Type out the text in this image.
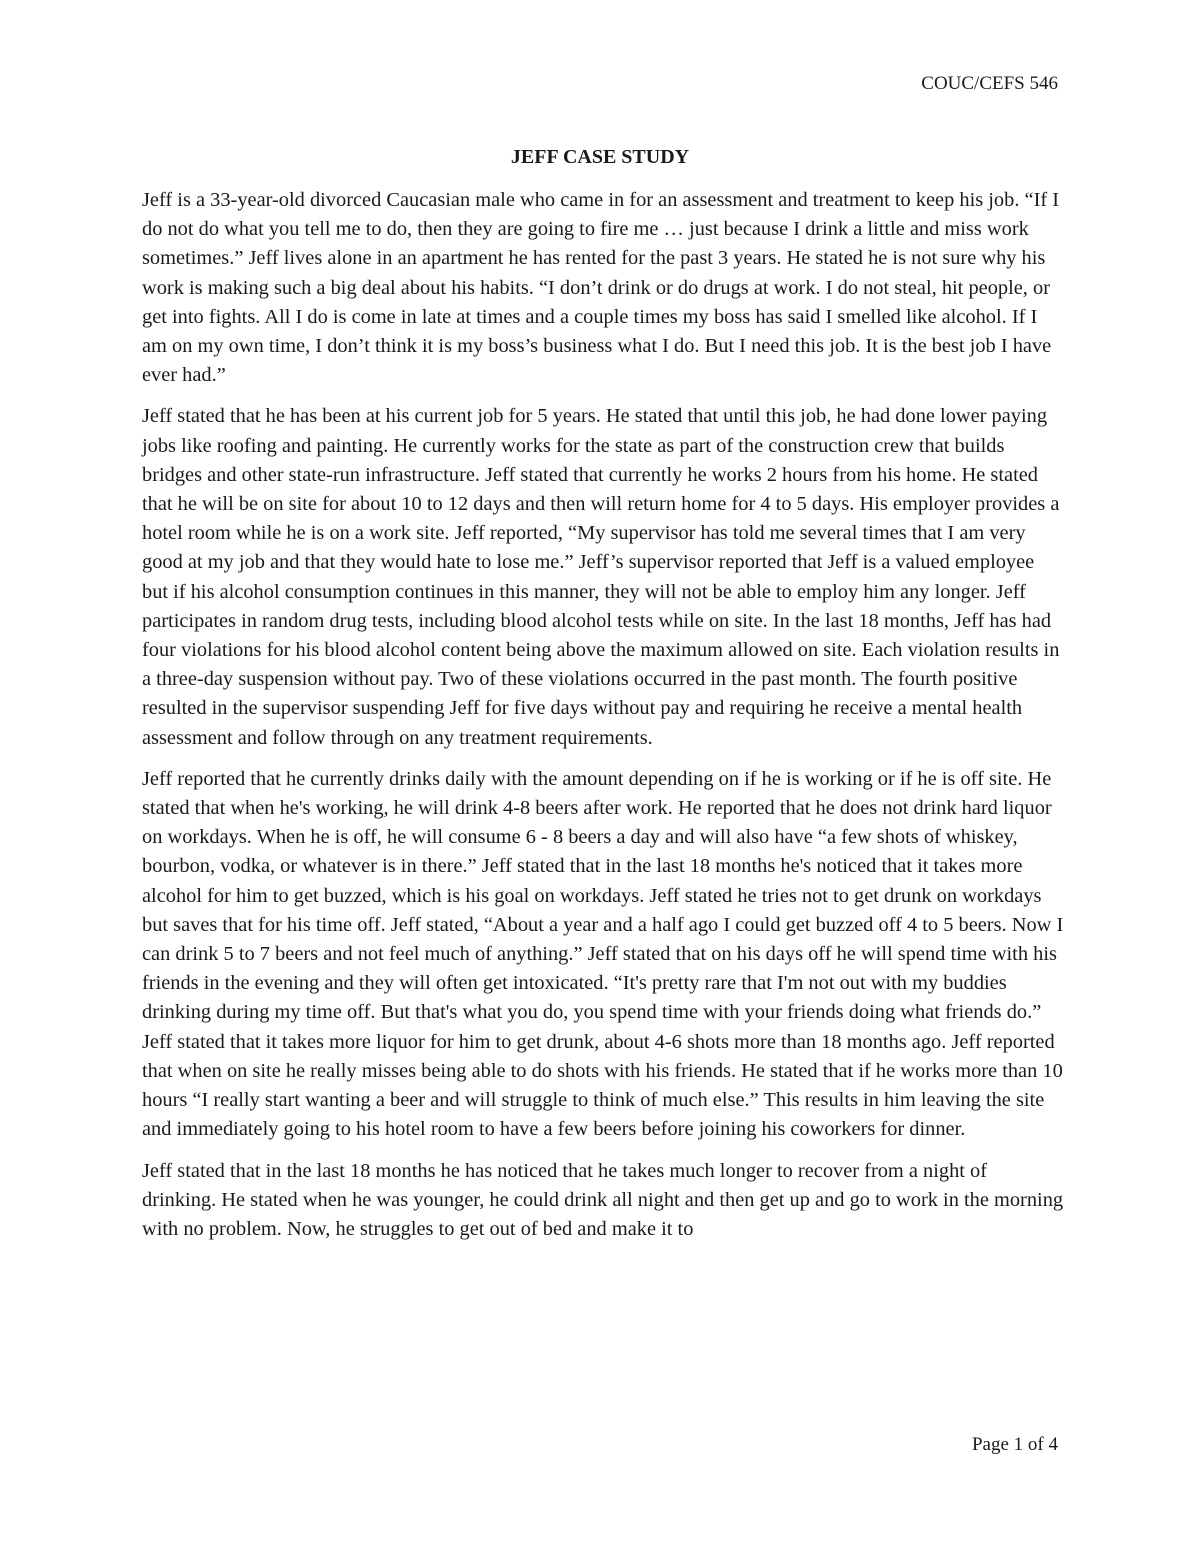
COUC/CEFS 546
JEFF CASE STUDY

Jeff is a 33-year-old divorced Caucasian male who came in for an assessment and treatment to keep his job. “If I do not do what you tell me to do, then they are going to fire me … just because I drink a little and miss work sometimes.” Jeff lives alone in an apartment he has rented for the past 3 years. He stated he is not sure why his work is making such a big deal about his habits. “I don’t drink or do drugs at work. I do not steal, hit people, or get into fights. All I do is come in late at times and a couple times my boss has said I smelled like alcohol. If I am on my own time, I don’t think it is my boss’s business what I do. But I need this job. It is the best job I have ever had.”

Jeff stated that he has been at his current job for 5 years. He stated that until this job, he had done lower paying jobs like roofing and painting. He currently works for the state as part of the construction crew that builds bridges and other state-run infrastructure. Jeff stated that currently he works 2 hours from his home. He stated that he will be on site for about 10 to 12 days and then will return home for 4 to 5 days. His employer provides a hotel room while he is on a work site. Jeff reported, “My supervisor has told me several times that I am very good at my job and that they would hate to lose me.” Jeff’s supervisor reported that Jeff is a valued employee but if his alcohol consumption continues in this manner, they will not be able to employ him any longer. Jeff participates in random drug tests, including blood alcohol tests while on site. In the last 18 months, Jeff has had four violations for his blood alcohol content being above the maximum allowed on site. Each violation results in a three-day suspension without pay. Two of these violations occurred in the past month. The fourth positive resulted in the supervisor suspending Jeff for five days without pay and requiring he receive a mental health assessment and follow through on any treatment requirements.

Jeff reported that he currently drinks daily with the amount depending on if he is working or if he is off site. He stated that when he's working, he will drink 4-8 beers after work. He reported that he does not drink hard liquor on workdays. When he is off, he will consume 6 - 8 beers a day and will also have “a few shots of whiskey, bourbon, vodka, or whatever is in there.” Jeff stated that in the last 18 months he's noticed that it takes more alcohol for him to get buzzed, which is his goal on workdays. Jeff stated he tries not to get drunk on workdays but saves that for his time off. Jeff stated, “About a year and a half ago I could get buzzed off 4 to 5 beers. Now I can drink 5 to 7 beers and not feel much of anything.” Jeff stated that on his days off he will spend time with his friends in the evening and they will often get intoxicated. “It's pretty rare that I'm not out with my buddies drinking during my time off. But that's what you do, you spend time with your friends doing what friends do.” Jeff stated that it takes more liquor for him to get drunk, about 4-6 shots more than 18 months ago. Jeff reported that when on site he really misses being able to do shots with his friends. He stated that if he works more than 10 hours “I really start wanting a beer and will struggle to think of much else.” This results in him leaving the site and immediately going to his hotel room to have a few beers before joining his coworkers for dinner.

Jeff stated that in the last 18 months he has noticed that he takes much longer to recover from a night of drinking. He stated when he was younger, he could drink all night and then get up and go to work in the morning with no problem. Now, he struggles to get out of bed and make it to

Page 1 of 4
